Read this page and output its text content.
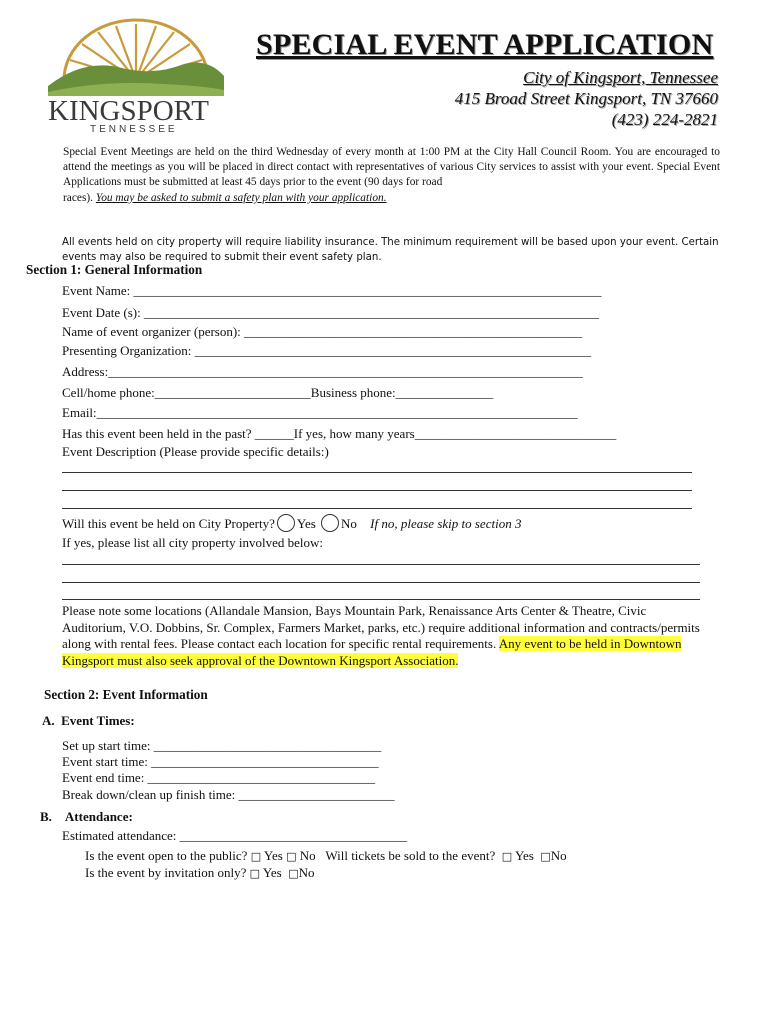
KINGSPORT
TENNESSEE
SPECIAL EVENT APPLICATION
City of Kingsport, Tennessee
415 Broad Street Kingsport, TN 37660
(423) 224-2821
Special Event Meetings are held on the third Wednesday of every month at 1:00 PM at the City Hall Council Room. You are encouraged to attend the meetings as you will be placed in direct contact with representatives of various City services to assist with your event. Special Event Applications must be submitted at least 45 days prior to the event (90 days for road
races). You may be asked to submit a safety plan with your application.
All events held on city property will require liability insurance. The minimum requirement will be based upon your event. Certain events may also be required to submit their event safety plan.
Section 1: General Information
Event Name: ________________________________________________________________________
Event Date (s): ______________________________________________________________________
Name of event organizer (person): ____________________________________________________
Presenting Organization: _____________________________________________________________
Address:_________________________________________________________________________
Cell/home phone:________________________Business phone:_______________
Email:__________________________________________________________________________
Has this event been held in the past? ______If yes, how many years_______________________________
Event Description (Please provide specific details:)
Will this event be held on City Property? Yes No If no, please skip to section 3
If yes, please list all city property involved below:
Please note some locations (Allandale Mansion, Bays Mountain Park, Renaissance Arts Center & Theatre, Civic Auditorium, V.O. Dobbins, Sr. Complex, Farmers Market, parks, etc.) require additional information and contracts/permits along with rental fees. Please contact each location for specific rental requirements. Any event to be held in Downtown Kingsport must also seek approval of the Downtown Kingsport Association.
Section 2: Event Information
A. Event Times:
Set up start time: ___________________________________
Event start time: ___________________________________
Event end time: ___________________________________
Break down/clean up finish time: ________________________
B. Attendance:
Estimated attendance: ___________________________________
Is the event open to the public? □ Yes □ No Will tickets be sold to the event? □ Yes □No
Is the event by invitation only? □ Yes □No
